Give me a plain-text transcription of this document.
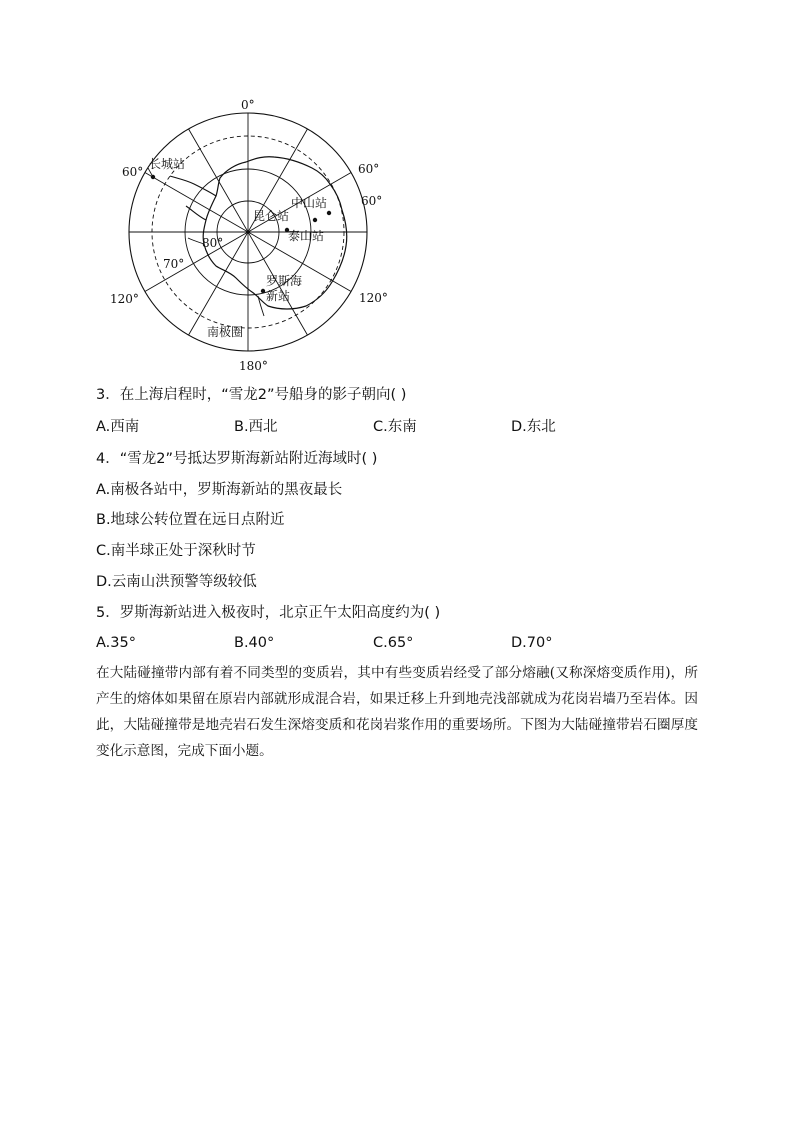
0°
180°
60°	60°
60°
120°	120°
80°
70°
长城站
中山站
昆仑站
泰山站
罗斯海
新站
南极圈
3．在上海启程时，“雪龙2”号船身的影子朝向( )
A.西南	B.西北	C.东南	D.东北
4．“雪龙2”号抵达罗斯海新站附近海域时( )
A.南极各站中，罗斯海新站的黑夜最长
B.地球公转位置在远日点附近
C.南半球正处于深秋时节
D.云南山洪预警等级较低
5．罗斯海新站进入极夜时，北京正午太阳高度约为( )
A.35°	B.40°	C.65°	D.70°
在大陆碰撞带内部有着不同类型的变质岩，其中有些变质岩经受了部分熔融(又称深熔变质作用)，所产生的熔体如果留在原岩内部就形成混合岩，如果迁移上升到地壳浅部就成为花岗岩墙乃至岩体。因此，大陆碰撞带是地壳岩石发生深熔变质和花岗岩浆作用的重要场所。下图为大陆碰撞带岩石圈厚度变化示意图，完成下面小题。
